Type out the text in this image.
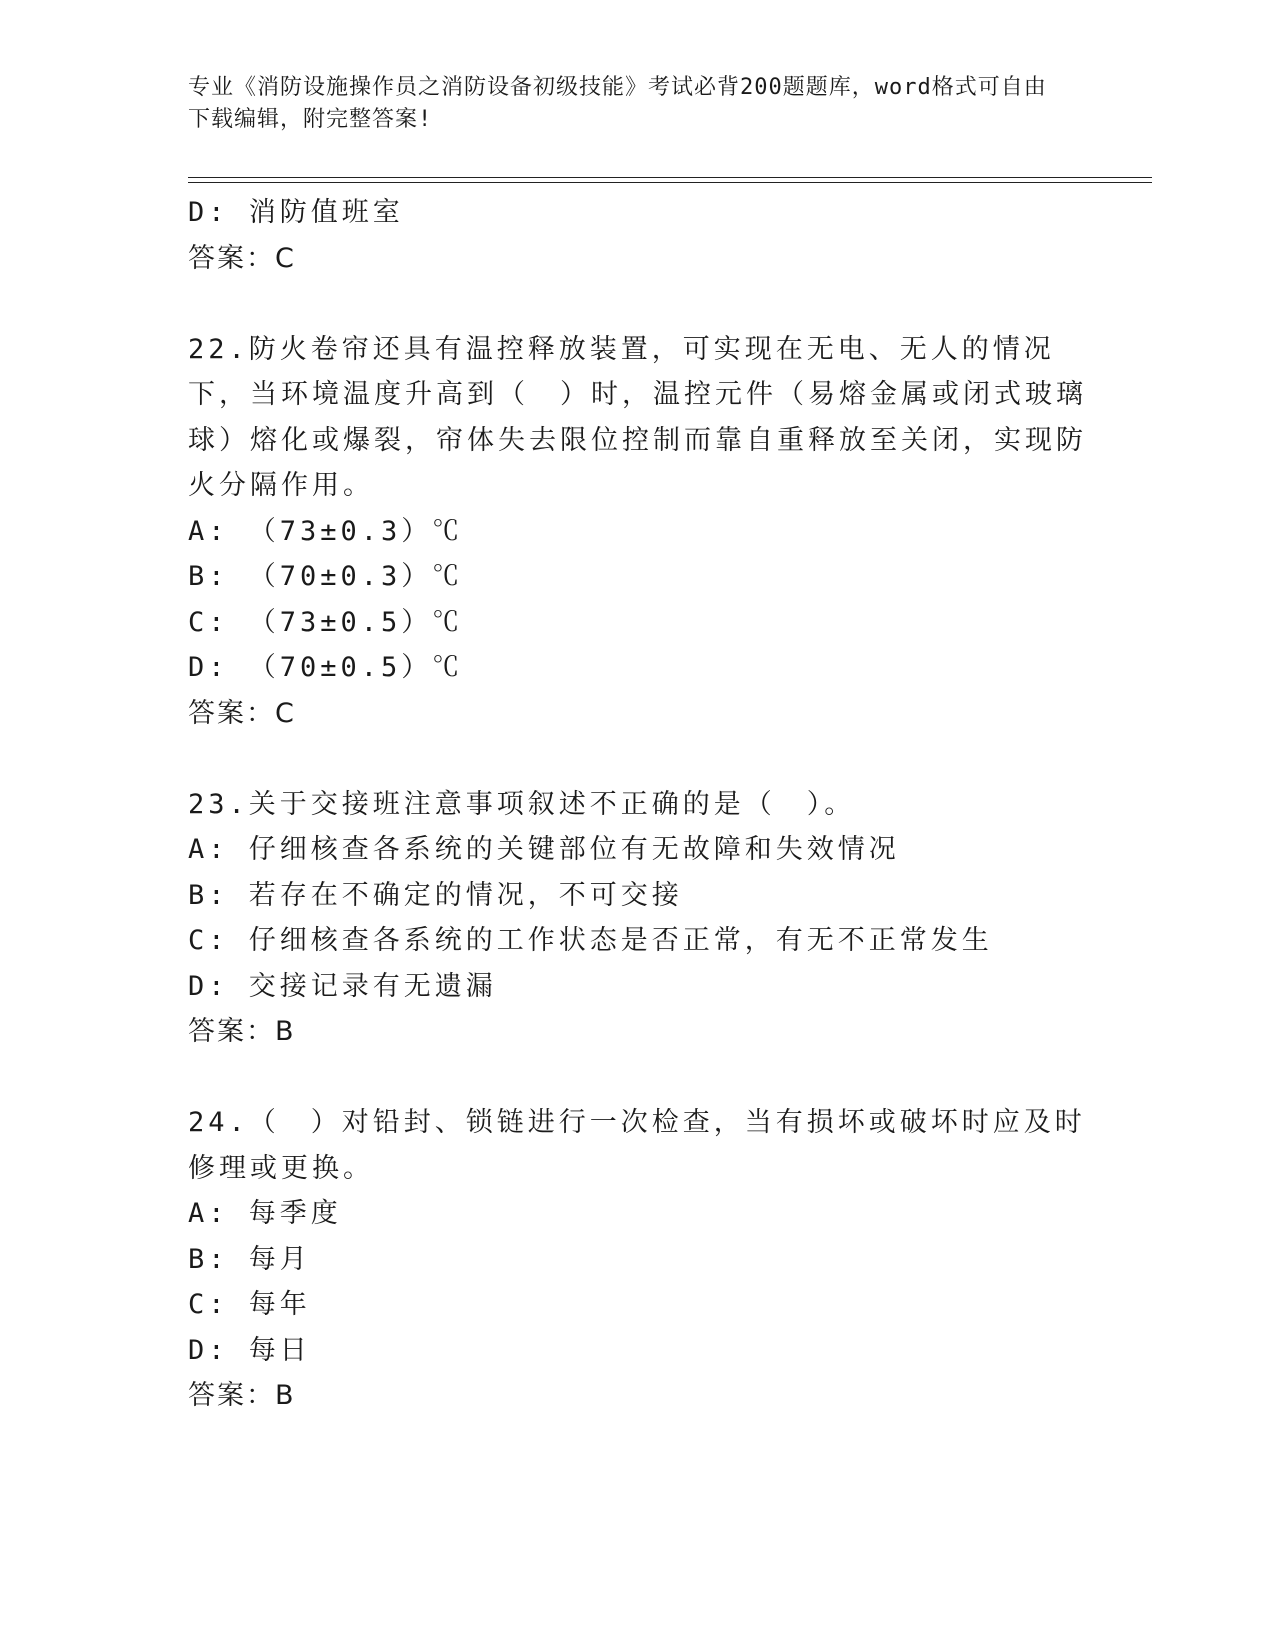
专业《消防设施操作员之消防设备初级技能》考试必背200题题库，word格式可自由下载编辑，附完整答案!
D: 消防值班室
答案：C
22.防火卷帘还具有温控释放装置，可实现在无电、无人的情况下，当环境温度升高到（　）时，温控元件（易熔金属或闭式玻璃球）熔化或爆裂，帘体失去限位控制而靠自重释放至关闭，实现防火分隔作用。
A: （73±0.3）℃
B: （70±0.3）℃
C: （73±0.5）℃
D: （70±0.5）℃
答案：C
23.关于交接班注意事项叙述不正确的是（　）。
A: 仔细核查各系统的关键部位有无故障和失效情况
B: 若存在不确定的情况，不可交接
C: 仔细核查各系统的工作状态是否正常，有无不正常发生
D: 交接记录有无遗漏
答案：B
24.（　）对铅封、锁链进行一次检查，当有损坏或破坏时应及时修理或更换。
A: 每季度
B: 每月
C: 每年
D: 每日
答案：B
